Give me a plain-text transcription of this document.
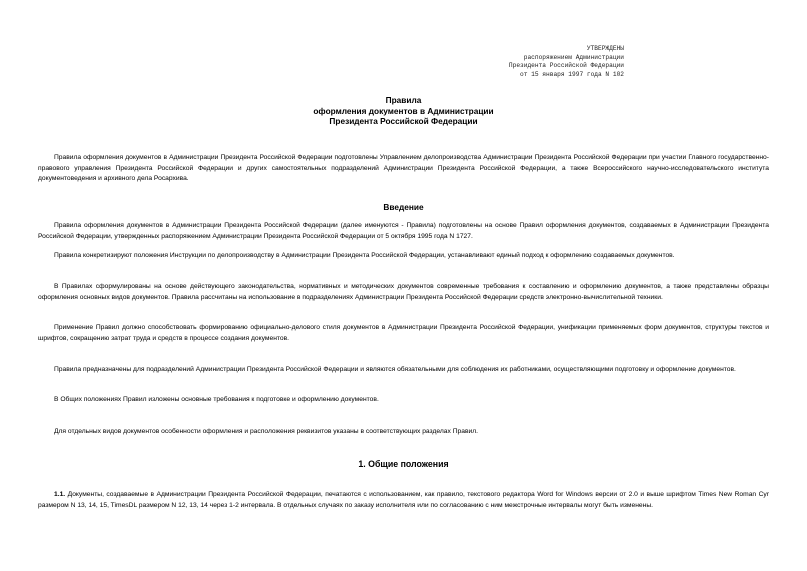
УТВЕРЖДЕНЫ
распоряжением Администрации
Президента Российской Федерации
от 15 января 1997 года N 102
Правила
оформления документов в Администрации
Президента Российской Федерации

Правила оформления документов в Администрации Президента Российской Федерации подготовлены Управлением делопроизводства Администрации Президента Российской Федерации при участии Главного государственно-правового управления Президента Российской Федерации и других самостоятельных подразделений Администрации Президента Российской Федерации, а также Всероссийского научно-исследовательского института документоведения и архивного дела Росархива.

Введение

Правила оформления документов в Администрации Президента Российской Федерации (далее именуются - Правила) подготовлены на основе Правил оформления документов, создаваемых в Администрации Президента Российской Федерации, утвержденных распоряжением Администрации Президента Российской Федерации от 5 октября 1995 года N 1727.

Правила конкретизируют положения Инструкции по делопроизводству в Администрации Президента Российской Федерации, устанавливают единый подход к оформлению создаваемых документов.

В Правилах сформулированы на основе действующего законодательства, нормативных и методических документов современные требования к составлению и оформлению документов, а также представлены образцы оформления основных видов документов. Правила рассчитаны на использование в подразделениях Администрации Президента Российской Федерации средств электронно-вычислительной техники.

Применение Правил должно способствовать формированию официально-делового стиля документов в Администрации Президента Российской Федерации, унификации применяемых форм документов, структуры текстов и шрифтов, сокращению затрат труда и средств в процессе создания документов.

Правила предназначены для подразделений Администрации Президента Российской Федерации и являются обязательными для соблюдения их работниками, осуществляющими подготовку и оформление документов.

В Общих положениях Правил изложены основные требования к подготовке и оформлению документов.

Для отдельных видов документов особенности оформления и расположения реквизитов указаны в соответствующих разделах Правил.

1. Общие положения

1.1. Документы, создаваемые в Администрации Президента Российской Федерации, печатаются с использованием, как правило, текстового редактора Word for Windows версии от 2.0 и выше шрифтом Times New Roman Cyr размером N 13, 14, 15, TimesDL размером N 12, 13, 14 через 1-2 интервала. В отдельных случаях по заказу исполнителя или по согласованию с ним межстрочные интервалы могут быть изменены.
